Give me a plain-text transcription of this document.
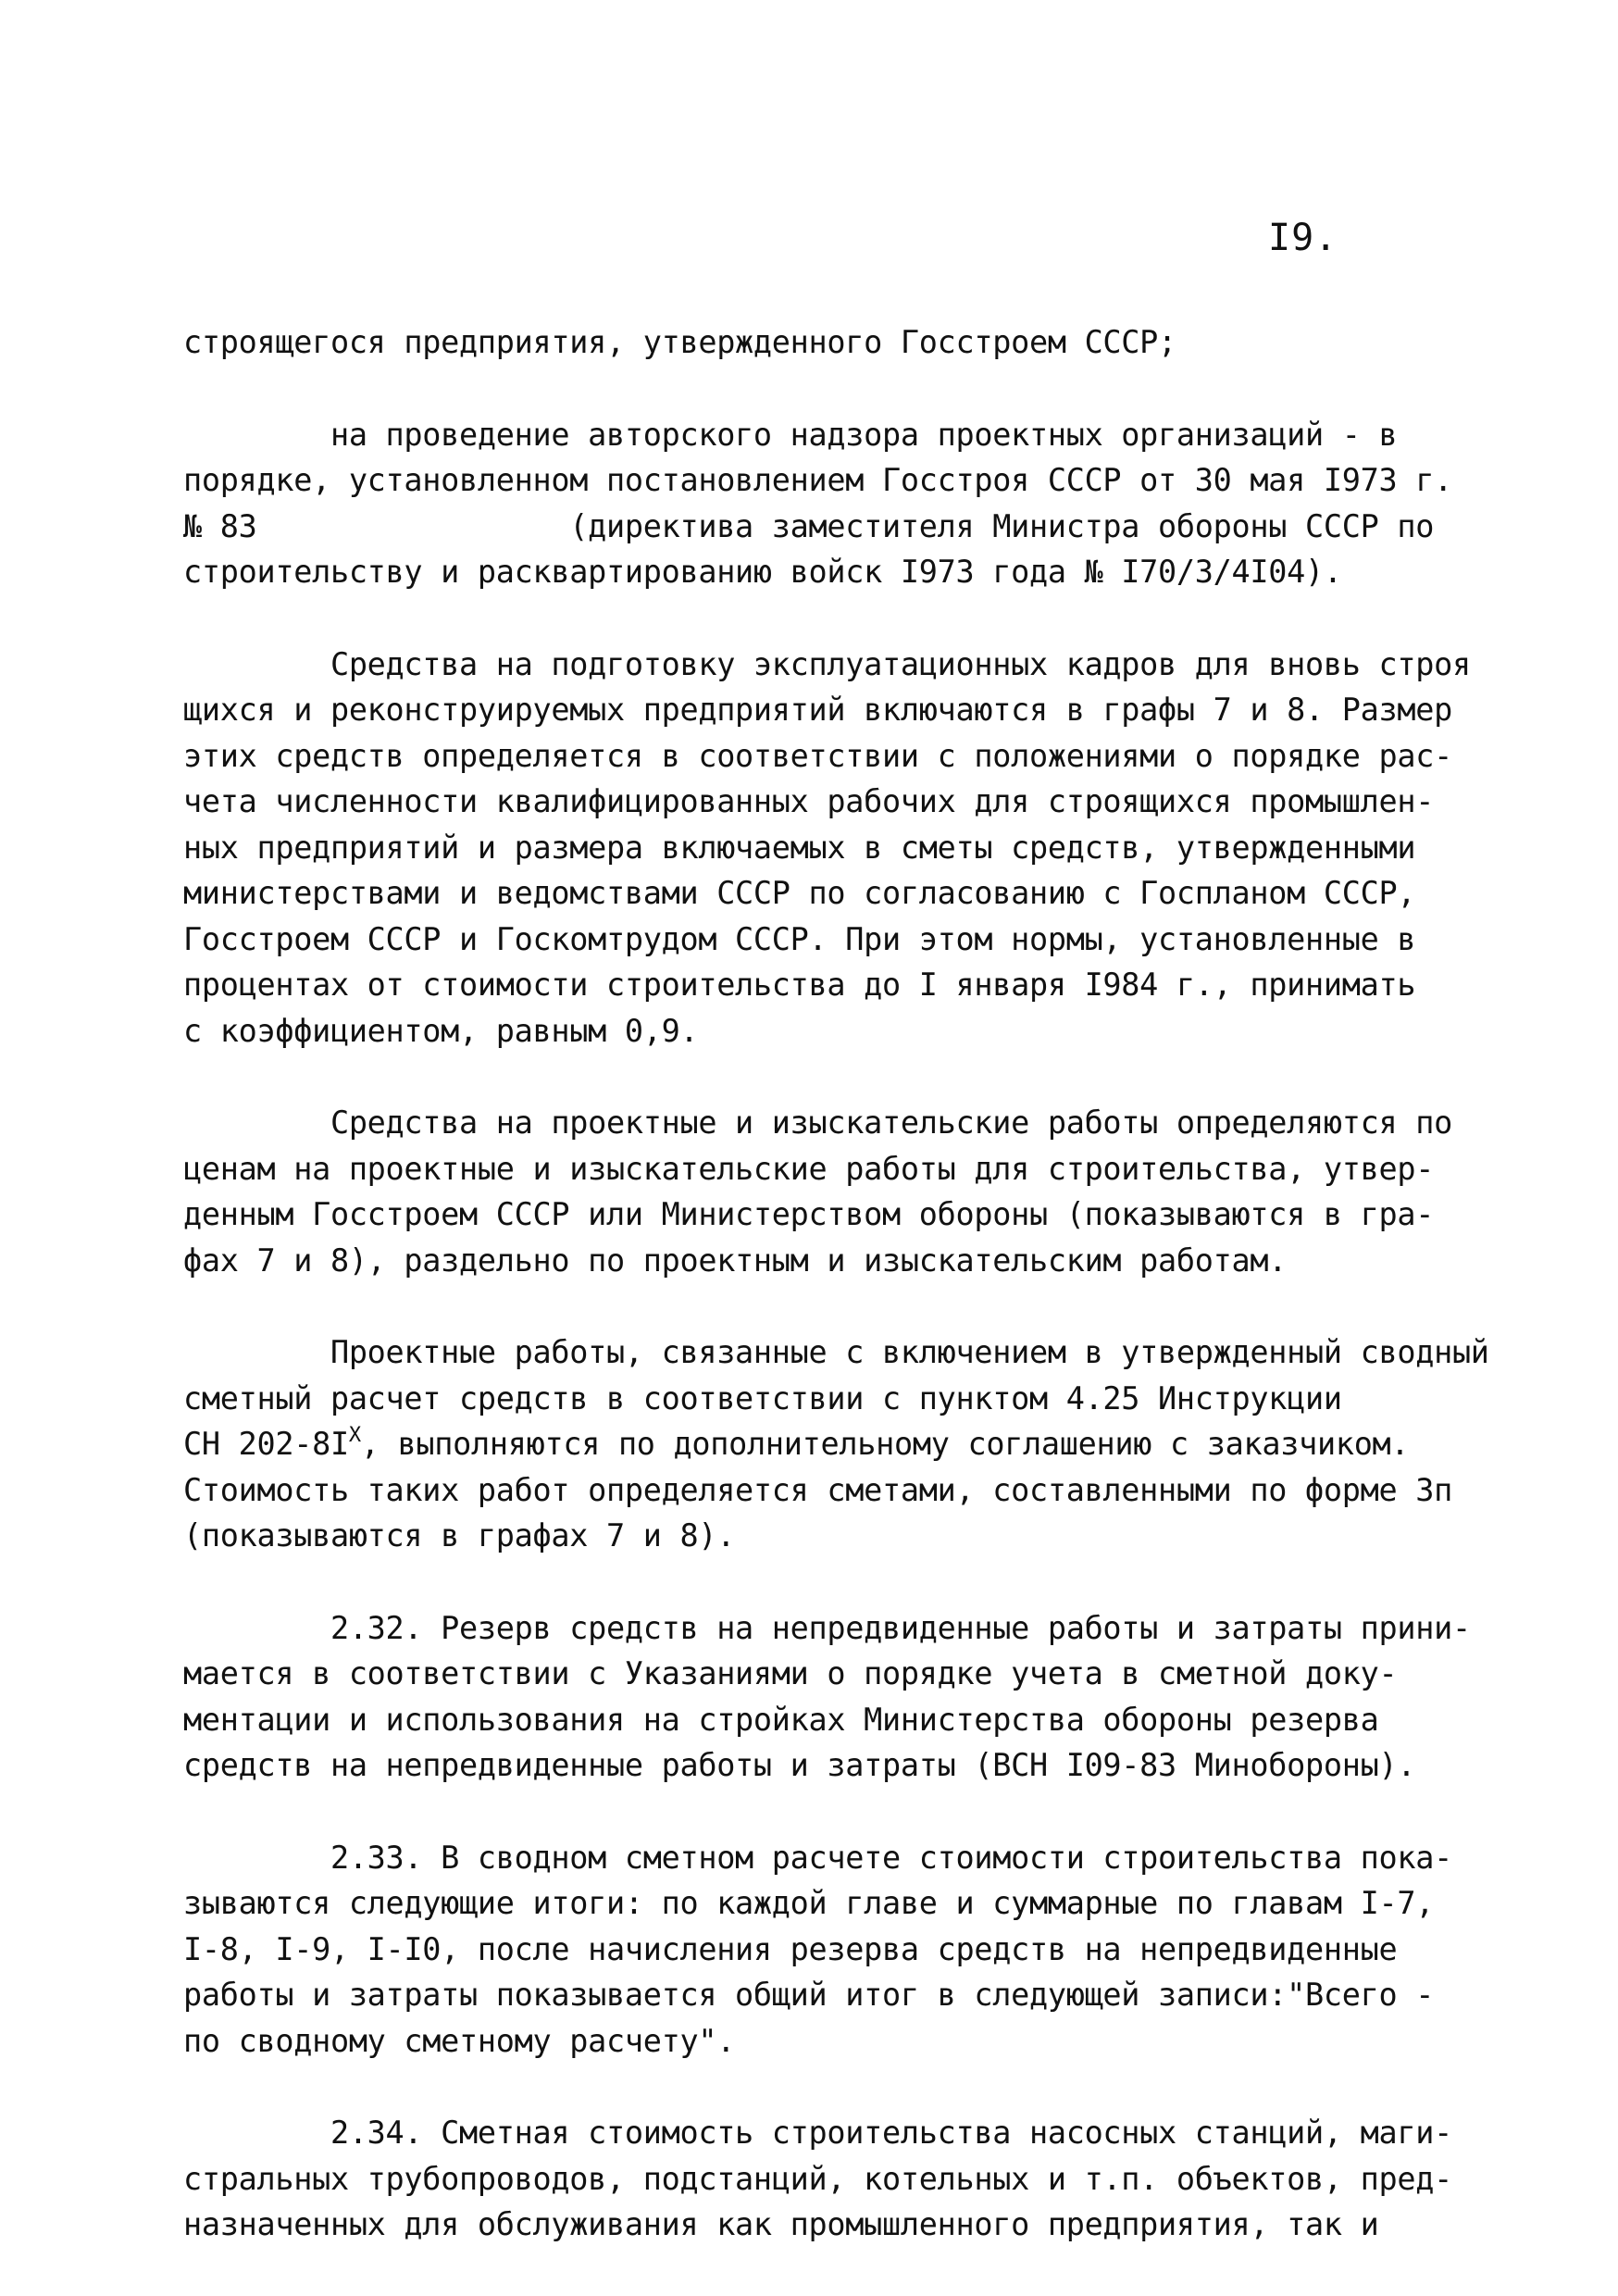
I9.
строящегося предприятия, утвержденного Госстроем СССР;
на проведение авторского надзора проектных организаций - в
порядке, установленном постановлением Госстроя СССР от 30 мая I973 г.
№ 83                 (директива заместителя Министра обороны СССР по
строительству и расквартированию войск I973 года № I70/3/4I04).
Средства на подготовку эксплуатационных кадров для вновь строя
щихся и реконструируемых предприятий включаются в графы 7 и 8. Размер
этих средств определяется в соответствии с положениями о порядке рас-
чета численности квалифицированных рабочих для строящихся промышлен-
ных предприятий и размера включаемых в сметы средств, утвержденными
министерствами и ведомствами СССР по согласованию с Госпланом СССР,
Госстроем СССР и Госкомтрудом СССР. При этом нормы, установленные в
процентах от стоимости строительства до I января I984 г., принимать
с коэффициентом, равным 0,9.
Средства на проектные и изыскательские работы определяются по
ценам на проектные и изыскательские работы для строительства, утвер-
денным Госстроем СССР или Министерством обороны (показываются в гра-
фах 7 и 8), раздельно по проектным и изыскательским работам.
Проектные работы, связанные с включением в утвержденный сводный
сметный расчет средств в соответствии с пунктом 4.25 Инструкции
СН $202-8I^Х$, выполняются по дополнительному соглашению с заказчиком.
Стоимость таких работ определяется сметами, составленными по форме 3п
(показываются в графах 7 и 8).
2.32. Резерв средств на непредвиденные работы и затраты прини-
мается в соответствии с Указаниями о порядке учета в сметной доку-
ментации и использования на стройках Министерства обороны резерва
средств на непредвиденные работы и затраты (ВСН I09-83 Минобороны).
2.33. В сводном сметном расчете стоимости строительства пока-
зываются следующие итоги: по каждой главе и суммарные по главам I-7,
I-8, I-9, I-I0, после начисления резерва средств на непредвиденные
работы и затраты показывается общий итог в следующей записи:"Всего -
по сводному сметному расчету".
2.34. Сметная стоимость строительства насосных станций, маги-
стральных трубопроводов, подстанций, котельных и т.п. объектов, пред-
назначенных для обслуживания как промышленного предприятия, так и
